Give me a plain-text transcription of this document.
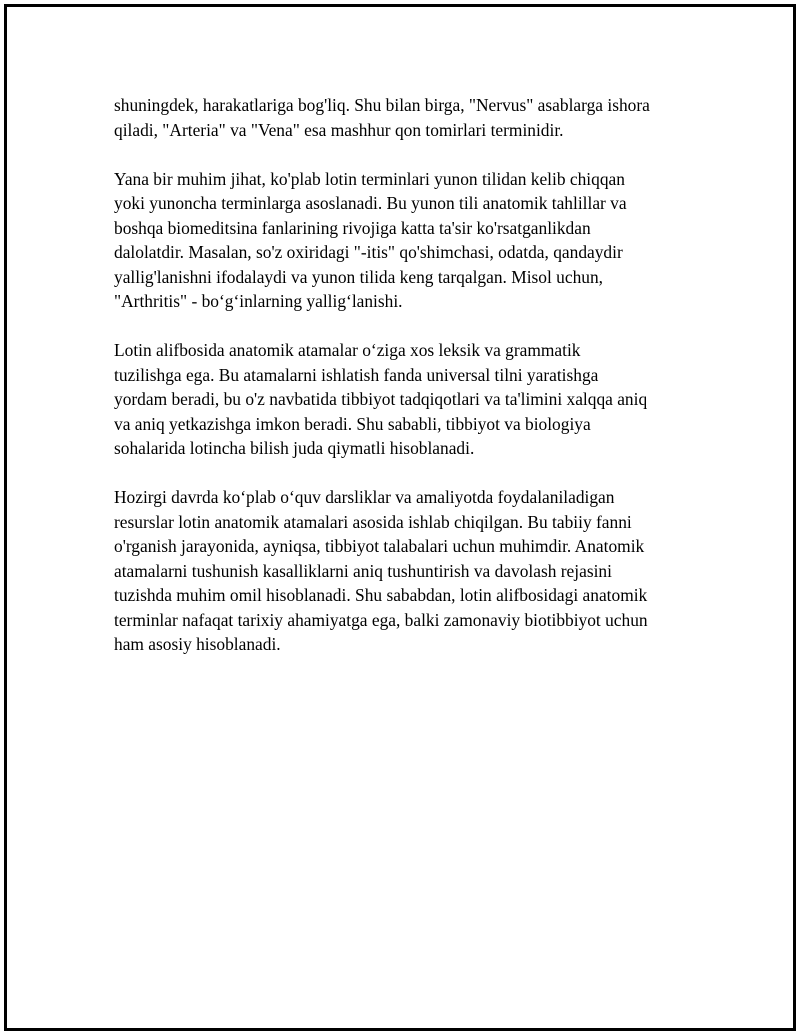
shuningdek, harakatlariga bog'liq. Shu bilan birga, "Nervus" asablarga ishora
qiladi, "Arteria" va "Vena" esa mashhur qon tomirlari terminidir.

Yana bir muhim jihat, ko'plab lotin terminlari yunon tilidan kelib chiqqan
yoki yunoncha terminlarga asoslanadi. Bu yunon tili anatomik tahlillar va
boshqa biomeditsina fanlarining rivojiga katta ta'sir ko'rsatganlikdan
dalolatdir. Masalan, so'z oxiridagi "-itis" qo'shimchasi, odatda, qandaydir
yallig'lanishni ifodalaydi va yunon tilida keng tarqalgan. Misol uchun,
"Arthritis" - bo‘g‘inlarning yallig‘lanishi.

Lotin alifbosida anatomik atamalar o‘ziga xos leksik va grammatik
tuzilishga ega. Bu atamalarni ishlatish fanda universal tilni yaratishga
yordam beradi, bu o'z navbatida tibbiyot tadqiqotlari va ta'limini xalqqa aniq
va aniq yetkazishga imkon beradi. Shu sababli, tibbiyot va biologiya
sohalarida lotincha bilish juda qiymatli hisoblanadi.

Hozirgi davrda ko‘plab o‘quv darsliklar va amaliyotda foydalaniladigan
resurslar lotin anatomik atamalari asosida ishlab chiqilgan. Bu tabiiy fanni
o'rganish jarayonida, ayniqsa, tibbiyot talabalari uchun muhimdir. Anatomik
atamalarni tushunish kasalliklarni aniq tushuntirish va davolash rejasini
tuzishda muhim omil hisoblanadi. Shu sababdan, lotin alifbosidagi anatomik
terminlar nafaqat tarixiy ahamiyatga ega, balki zamonaviy biotibbiyot uchun
ham asosiy hisoblanadi.
